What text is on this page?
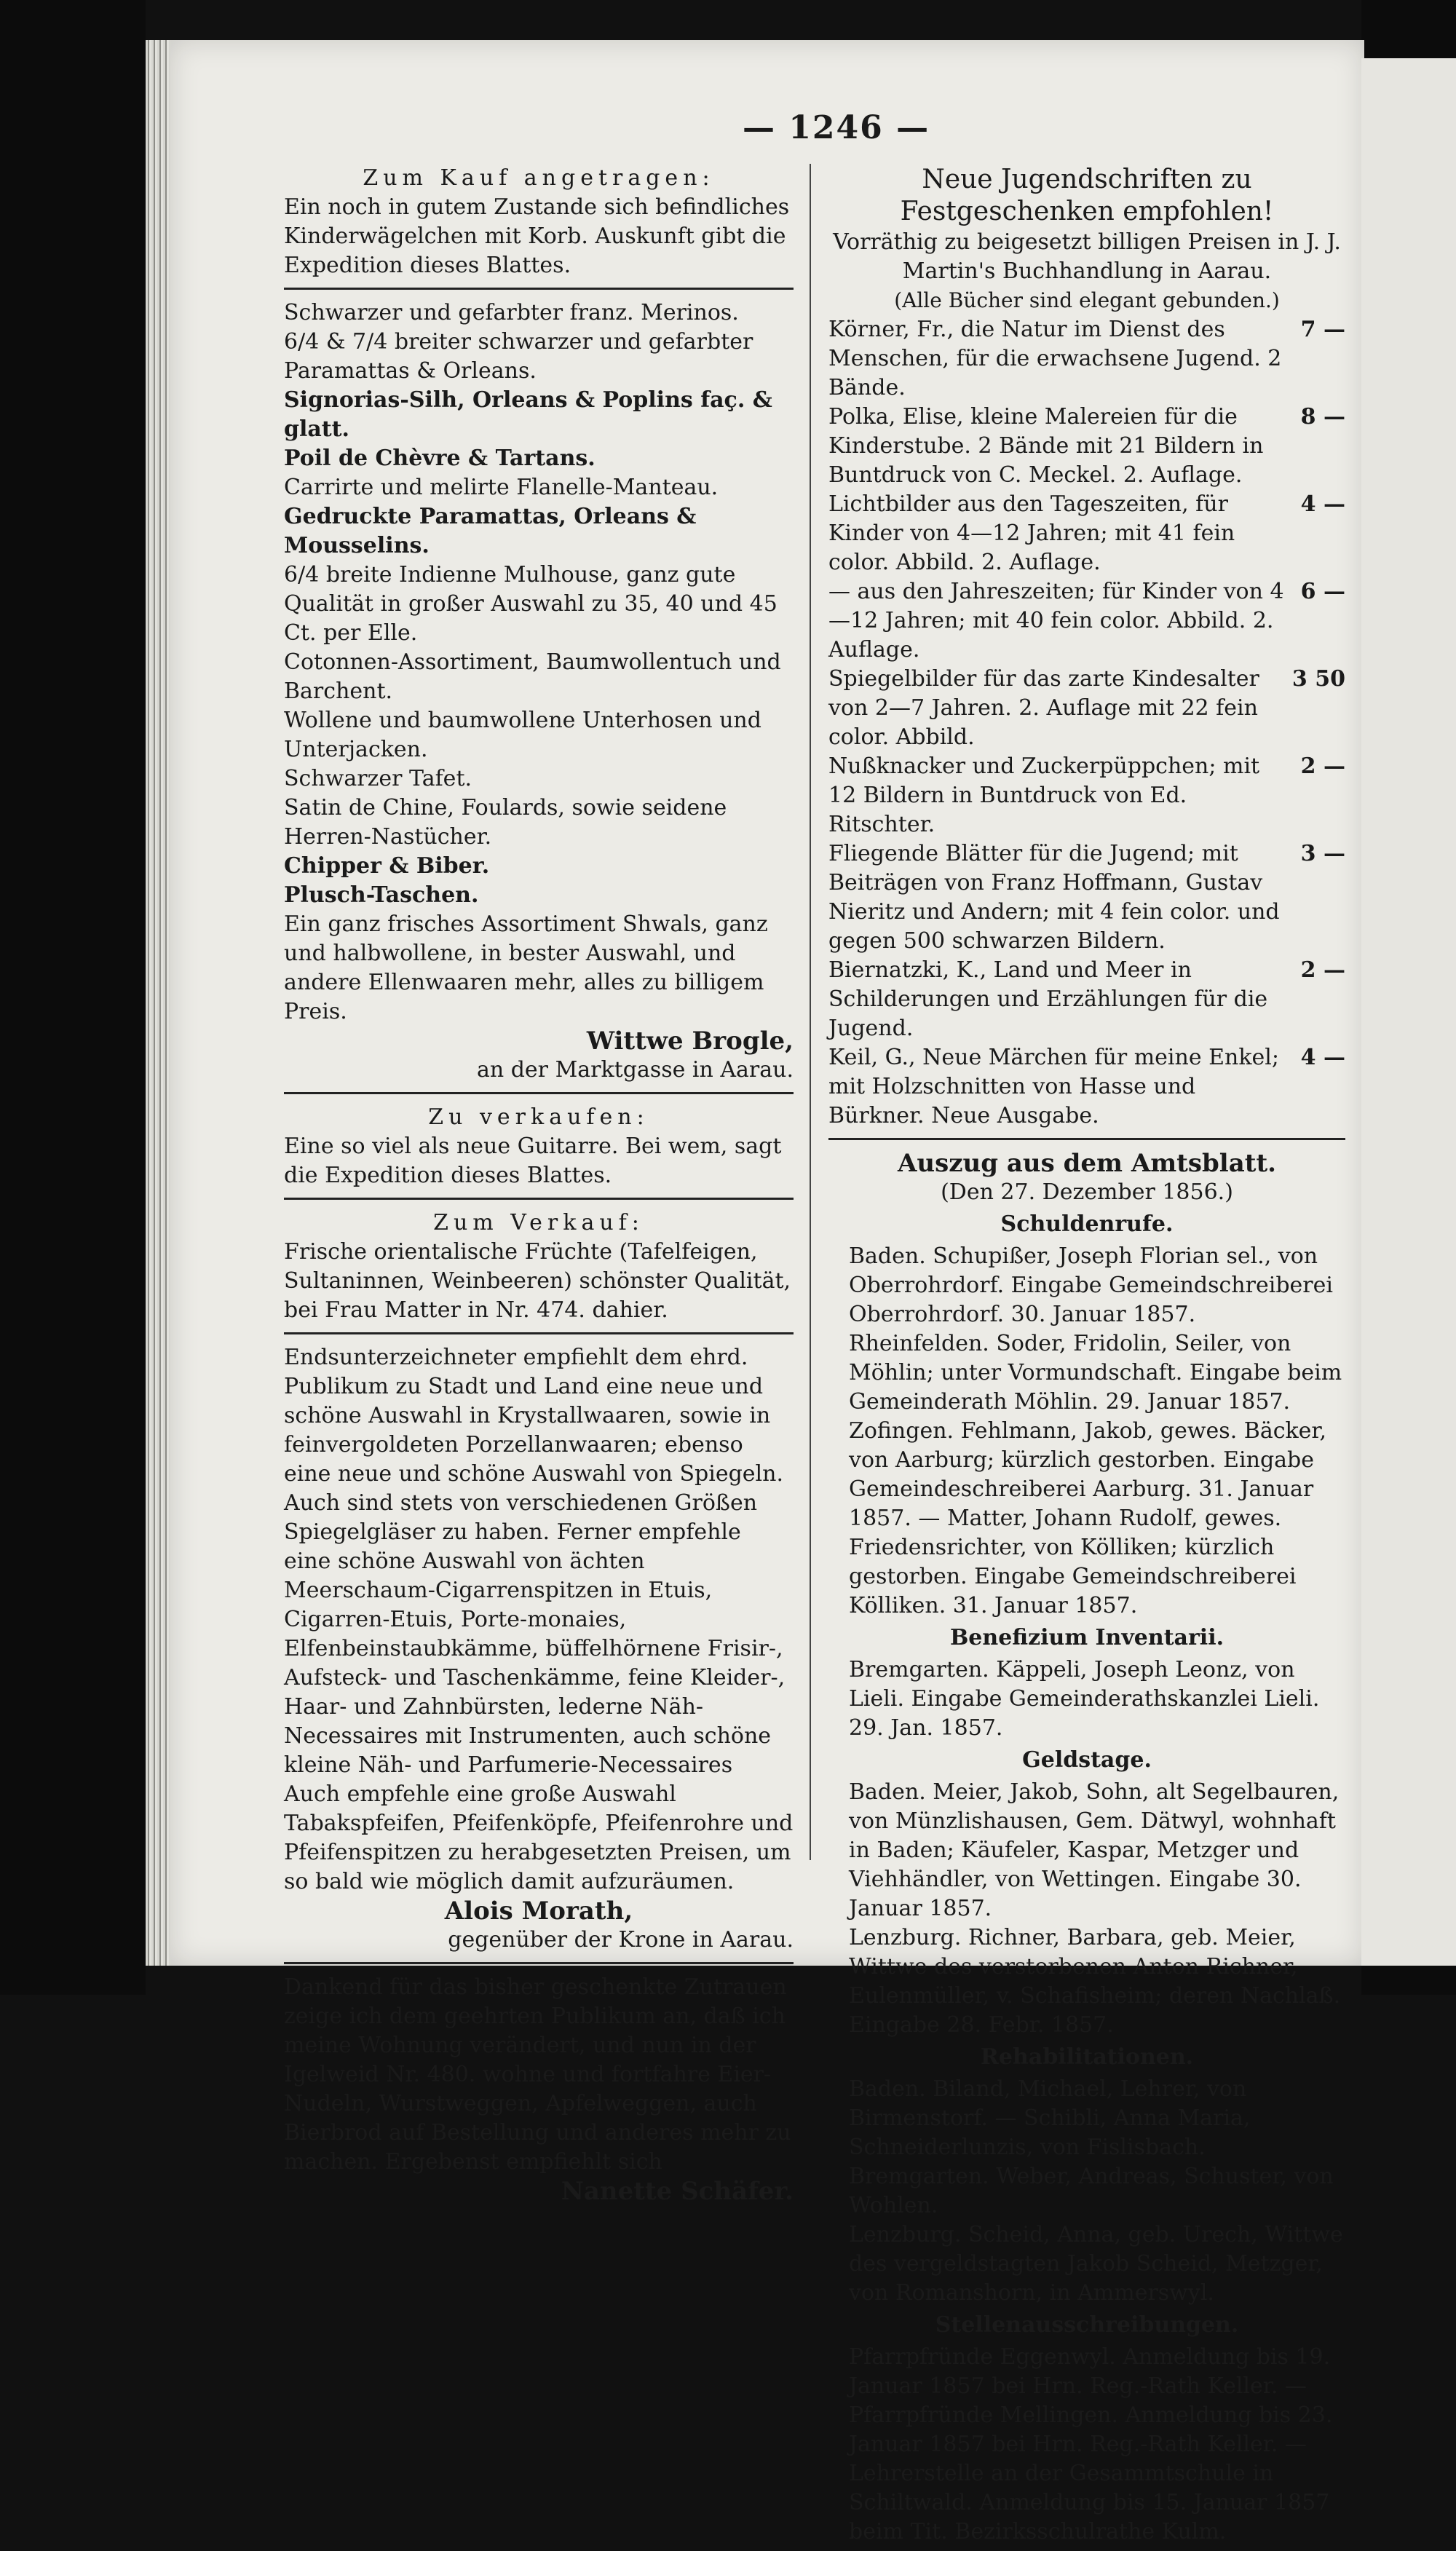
— 1246 —
Zum Kauf angetragen:
Ein noch in gutem Zustande sich befindliches Kinderwägelchen mit Korb. Auskunft gibt die Expedition dieses Blattes.
Schwarzer und gefarbter franz. Merinos.
6/4 & 7/4 breiter schwarzer und gefarbter Paramattas & Orleans.
Signorias-Silh, Orleans & Poplins faç. & glatt.
Poil de Chèvre & Tartans.
Carrirte und melirte Flanelle-Manteau.
Gedruckte Paramattas, Orleans & Mousselins.
6/4 breite Indienne Mulhouse, ganz gute Qualität in großer Auswahl zu 35, 40 und 45 Ct. per Elle.
Cotonnen-Assortiment, Baumwollentuch und Barchent.
Wollene und baumwollene Unterhosen und Unterjacken.
Schwarzer Tafet.
Satin de Chine, Foulards, sowie seidene Herren-Nastücher.
Chipper & Biber.
Plusch-Taschen.
Ein ganz frisches Assortiment Shwals, ganz und halbwollene, in bester Auswahl, und andere Ellenwaaren mehr, alles zu billigem Preis.
Wittwe Brogle,
an der Marktgasse in Aarau.
Zu verkaufen:
Eine so viel als neue Guitarre. Bei wem, sagt die Expedition dieses Blattes.
Zum Verkauf:
Frische orientalische Früchte (Tafelfeigen, Sultaninnen, Weinbeeren) schönster Qualität, bei Frau Matter in Nr. 474. dahier.
Endsunterzeichneter empfiehlt dem ehrd. Publikum zu Stadt und Land eine neue und schöne Auswahl in Krystallwaaren, sowie in feinvergoldeten Porzellanwaaren; ebenso eine neue und schöne Auswahl von Spiegeln. Auch sind stets von verschiedenen Größen Spiegelgläser zu haben. Ferner empfehle eine schöne Auswahl von ächten Meerschaum-Cigarrenspitzen in Etuis, Cigarren-Etuis, Porte-monaies, Elfenbeinstaubkämme, büffelhörnene Frisir-, Aufsteck- und Taschenkämme, feine Kleider-, Haar- und Zahnbürsten, lederne Näh-Necessaires mit Instrumenten, auch schöne kleine Näh- und Parfumerie-Necessaires Auch empfehle eine große Auswahl Tabakspfeifen, Pfeifenköpfe, Pfeifenrohre und Pfeifenspitzen zu herabgesetzten Preisen, um so bald wie möglich damit aufzuräumen.
Alois Morath,
gegenüber der Krone in Aarau.
Dankend für das bisher geschenkte Zutrauen zeige ich dem geehrten Publikum an, daß ich meine Wohnung verändert, und nun in der Igelweid Nr. 480. wohne und fortfahre Eier-Nudeln, Wurstweggen, Apfelweggen, auch Bierbrod auf Bestellung und anderes mehr zu machen. Ergebenst empfiehlt sich
Nanette Schäfer.
Neue Jugendschriften zu Festgeschenken empfohlen!
Vorräthig zu beigesetzt billigen Preisen in J. J. Martin's Buchhandlung in Aarau.
(Alle Bücher sind elegant gebunden.)
Körner, Fr., die Natur im Dienst des Menschen, für die erwachsene Jugend. 2 Bände.
7 —
Polka, Elise, kleine Malereien für die Kinderstube. 2 Bände mit 21 Bildern in Buntdruck von C. Meckel. 2. Auflage.
8 —
Lichtbilder aus den Tageszeiten, für Kinder von 4—12 Jahren; mit 41 fein color. Abbild. 2. Auflage.
4 —
— aus den Jahreszeiten; für Kinder von 4—12 Jahren; mit 40 fein color. Abbild. 2. Auflage.
6 —
Spiegelbilder für das zarte Kindesalter von 2—7 Jahren. 2. Auflage mit 22 fein color. Abbild.
3 50
Nußknacker und Zuckerpüppchen; mit 12 Bildern in Buntdruck von Ed. Ritschter.
2 —
Fliegende Blätter für die Jugend; mit Beiträgen von Franz Hoffmann, Gustav Nieritz und Andern; mit 4 fein color. und gegen 500 schwarzen Bildern.
3 —
Biernatzki, K., Land und Meer in Schilderungen und Erzählungen für die Jugend.
2 —
Keil, G., Neue Märchen für meine Enkel; mit Holzschnitten von Hasse und Bürkner. Neue Ausgabe.
4 —
Auszug aus dem Amtsblatt.
(Den 27. Dezember 1856.)
Schuldenrufe.
Baden. Schupißer, Joseph Florian sel., von Oberrohrdorf. Eingabe Gemeindschreiberei Oberrohrdorf. 30. Januar 1857.
Rheinfelden. Soder, Fridolin, Seiler, von Möhlin; unter Vormundschaft. Eingabe beim Gemeinderath Möhlin. 29. Januar 1857.
Zofingen. Fehlmann, Jakob, gewes. Bäcker, von Aarburg; kürzlich gestorben. Eingabe Gemeindeschreiberei Aarburg. 31. Januar 1857. — Matter, Johann Rudolf, gewes. Friedensrichter, von Kölliken; kürzlich gestorben. Eingabe Gemeindschreiberei Kölliken. 31. Januar 1857.
Benefizium Inventarii.
Bremgarten. Käppeli, Joseph Leonz, von Lieli. Eingabe Gemeinderathskanzlei Lieli. 29. Jan. 1857.
Geldstage.
Baden. Meier, Jakob, Sohn, alt Segelbauren, von Münzlishausen, Gem. Dätwyl, wohnhaft in Baden; Käufeler, Kaspar, Metzger und Viehhändler, von Wettingen. Eingabe 30. Januar 1857.
Lenzburg. Richner, Barbara, geb. Meier, Wittwe des verstorbenen Anton Richner, Eulenmüller, v. Schafisheim; deren Nachlaß. Eingabe 28. Febr. 1857.
Rehabilitationen.
Baden. Biland, Michael, Lehrer, von Birmenstorf. — Schibli, Anna Maria, Schneiderlunzis, von Fislisbach.
Bremgarten. Weber, Andreas, Schuster, von Wohlen.
Lenzburg. Scheid, Anna, geb. Urech, Wittwe des vergeldstagten Jakob Scheid, Metzger, von Romanshorn, in Ammerswyl.
Stellenausschreibungen.
Pfarrpfründe Eggenwyl. Anmeldung bis 19. Januar 1857 bei Hrn. Reg.-Rath Keller. — Pfarrpfründe Mellingen. Anmeldung bis 23. Januar 1857 bei Hrn. Reg.-Rath Keller. — Lehrerstelle an der Gesammtschule in Schiltwald. Anmeldung bis 15. Januar 1857 beim Tit. Bezirksschulrathe Kulm.
